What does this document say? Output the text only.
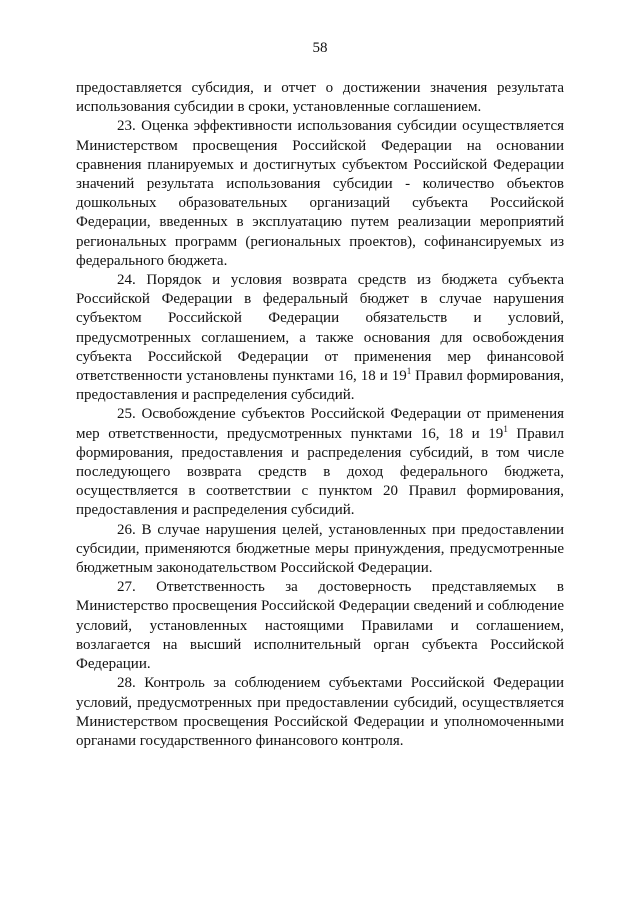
58

предоставляется субсидия, и отчет о достижении значения результата использования субсидии в сроки, установленные соглашением.

23. Оценка эффективности использования субсидии осуществляется Министерством просвещения Российской Федерации на основании сравнения планируемых и достигнутых субъектом Российской Федерации значений результата использования субсидии - количество объектов дошкольных образовательных организаций субъекта Российской Федерации, введенных в эксплуатацию путем реализации мероприятий региональных программ (региональных проектов), софинансируемых из федерального бюджета.

24. Порядок и условия возврата средств из бюджета субъекта Российской Федерации в федеральный бюджет в случае нарушения субъектом Российской Федерации обязательств и условий, предусмотренных соглашением, а также основания для освобождения субъекта Российской Федерации от применения мер финансовой ответственности установлены пунктами 16, 18 и $19^1$ Правил формирования, предоставления и распределения субсидий.

25. Освобождение субъектов Российской Федерации от применения мер ответственности, предусмотренных пунктами 16, 18 и $19^1$ Правил формирования, предоставления и распределения субсидий, в том числе последующего возврата средств в доход федерального бюджета, осуществляется в соответствии с пунктом 20 Правил формирования, предоставления и распределения субсидий.

26. В случае нарушения целей, установленных при предоставлении субсидии, применяются бюджетные меры принуждения, предусмотренные бюджетным законодательством Российской Федерации.

27. Ответственность за достоверность представляемых в Министерство просвещения Российской Федерации сведений и соблюдение условий, установленных настоящими Правилами и соглашением, возлагается на высший исполнительный орган субъекта Российской Федерации.

28. Контроль за соблюдением субъектами Российской Федерации условий, предусмотренных при предоставлении субсидий, осуществляется Министерством просвещения Российской Федерации и уполномоченными органами государственного финансового контроля.
